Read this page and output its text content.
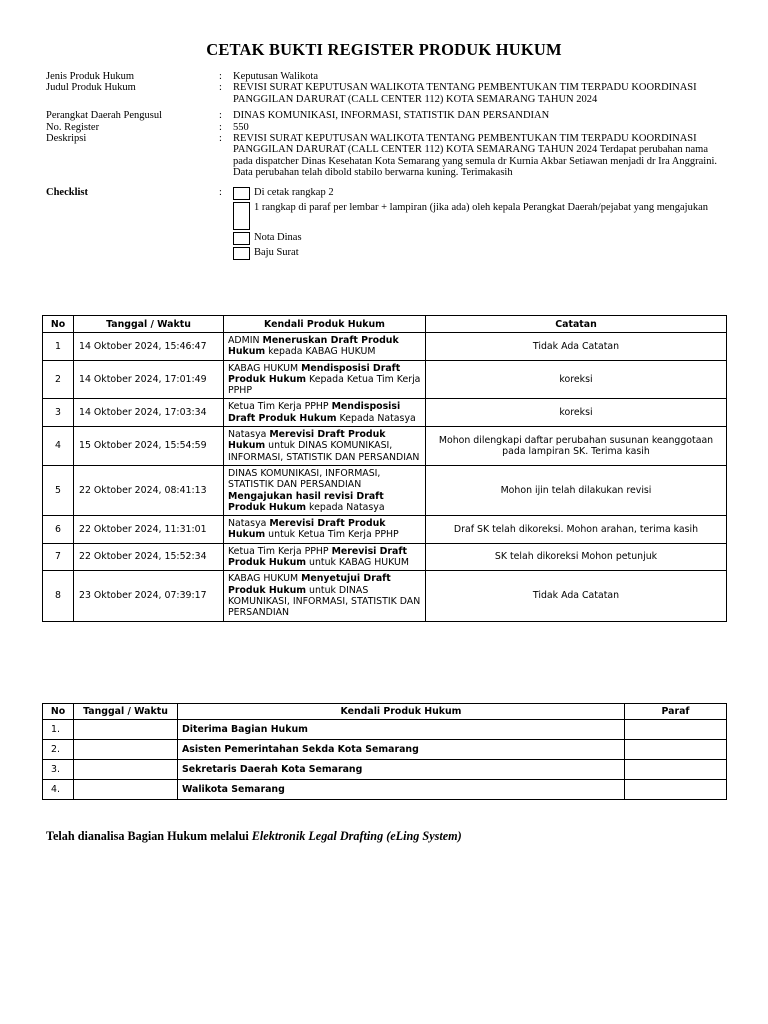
CETAK BUKTI REGISTER PRODUK HUKUM
Jenis Produk Hukum	:	Keputusan Walikota
Judul Produk Hukum	:	REVISI SURAT KEPUTUSAN WALIKOTA TENTANG PEMBENTUKAN TIM TERPADU KOORDINASI PANGGILAN DARURAT (CALL CENTER 112) KOTA SEMARANG TAHUN 2024
Perangkat Daerah Pengusul	:	DINAS KOMUNIKASI, INFORMASI, STATISTIK DAN PERSANDIAN
No. Register	:	550
Deskripsi	:	REVISI SURAT KEPUTUSAN WALIKOTA TENTANG PEMBENTUKAN TIM TERPADU KOORDINASI PANGGILAN DARURAT (CALL CENTER 112) KOTA SEMARANG TAHUN 2024 Terdapat perubahan nama pada dispatcher Dinas Kesehatan Kota Semarang yang semula dr Kurnia Akbar Setiawan menjadi dr Ira Anggraini. Data perubahan telah dibold stabilo berwarna kuning. Terimakasih
Checklist	:	Di cetak rangkap 2
1 rangkap di paraf per lembar + lampiran (jika ada) oleh kepala Perangkat Daerah/pejabat yang mengajukan
Nota Dinas
Baju Surat
No	Tanggal / Waktu	Kendali Produk Hukum	Catatan
1	14 Oktober 2024, 15:46:47	ADMIN Meneruskan Draft Produk Hukum kepada KABAG HUKUM	Tidak Ada Catatan
2	14 Oktober 2024, 17:01:49	KABAG HUKUM Mendisposisi Draft Produk Hukum Kepada Ketua Tim Kerja PPHP	koreksi
3	14 Oktober 2024, 17:03:34	Ketua Tim Kerja PPHP Mendisposisi Draft Produk Hukum Kepada Natasya	koreksi
4	15 Oktober 2024, 15:54:59	Natasya Merevisi Draft Produk Hukum untuk DINAS KOMUNIKASI, INFORMASI, STATISTIK DAN PERSANDIAN	Mohon dilengkapi daftar perubahan susunan keanggotaan pada lampiran SK. Terima kasih
5	22 Oktober 2024, 08:41:13	DINAS KOMUNIKASI, INFORMASI, STATISTIK DAN PERSANDIAN Mengajukan hasil revisi Draft Produk Hukum kepada Natasya	Mohon ijin telah dilakukan revisi
6	22 Oktober 2024, 11:31:01	Natasya Merevisi Draft Produk Hukum untuk Ketua Tim Kerja PPHP	Draf SK telah dikoreksi. Mohon arahan, terima kasih
7	22 Oktober 2024, 15:52:34	Ketua Tim Kerja PPHP Merevisi Draft Produk Hukum untuk KABAG HUKUM	SK telah dikoreksi Mohon petunjuk
8	23 Oktober 2024, 07:39:17	KABAG HUKUM Menyetujui Draft Produk Hukum untuk DINAS KOMUNIKASI, INFORMASI, STATISTIK DAN PERSANDIAN	Tidak Ada Catatan
No	Tanggal / Waktu	Kendali Produk Hukum	Paraf
1.		Diterima Bagian Hukum	
2.		Asisten Pemerintahan Sekda Kota Semarang	
3.		Sekretaris Daerah Kota Semarang	
4.		Walikota Semarang	
Telah dianalisa Bagian Hukum melalui Elektronik Legal Drafting (eLing System)
